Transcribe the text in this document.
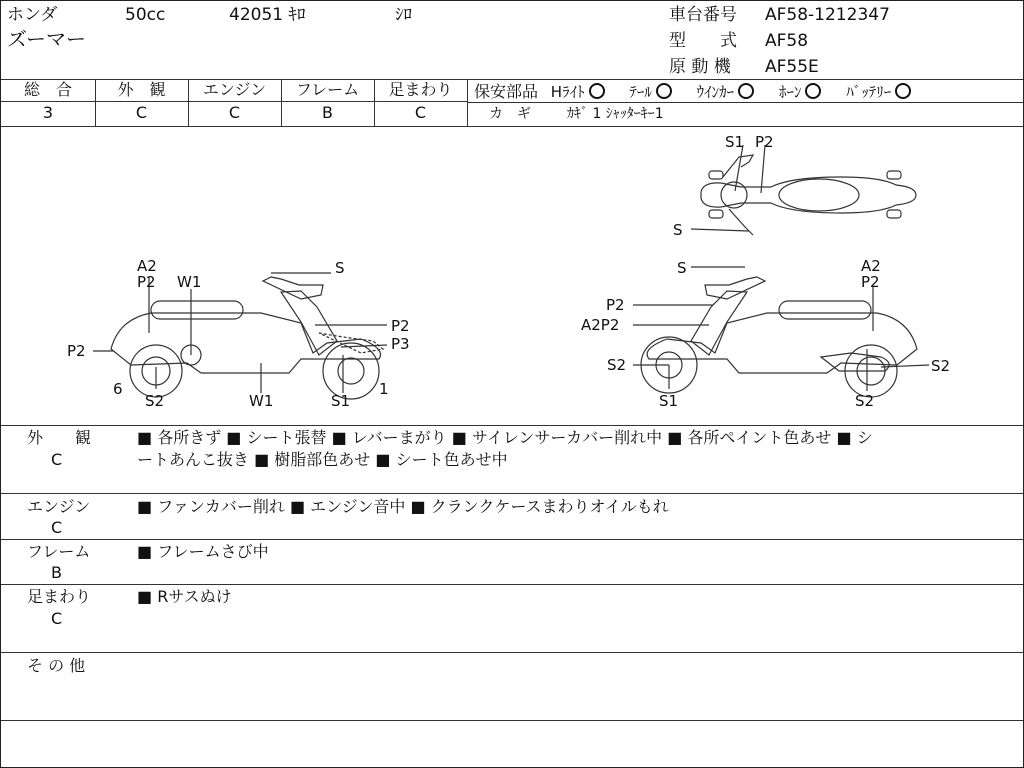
ホンダ	50cc	42051 ｷﾛ	ｼﾛ
ズーマー
車台番号 AF58-1212347
型　　式 AF58
原 動 機 AF55E
総　合	外　観	エンジン	フレーム	足まわり
3	C	C	B	C
保安部品 Hﾗｲﾄ	ﾃｰﾙ	ｳｲﾝｶｰ	ﾎｰﾝ	ﾊﾞｯﾃﾘｰ
カ　ギ	ｶｷﾞ 1 ｼｬｯﾀｰｷｰ1
S1 P2
S
A2
P2 W1
S
P2
P2	P3
6
S2	W1	S1
1
S	A2
P2
P2
A2P2
S2	S2
S1	S2
外　　観
C
■ 各所きず ■ シート張替 ■ レバーまがり ■ サイレンサーカバー削れ中 ■ 各所ペイント色あせ ■ シ
ートあんこ抜き ■ 樹脂部色あせ ■ シート色あせ中
エンジン
C
■ ファンカバー削れ ■ エンジン音中 ■ クランクケースまわりオイルもれ
フレーム
B
■ フレームさび中
足まわり
C
■ Rサスぬけ
そ の 他
